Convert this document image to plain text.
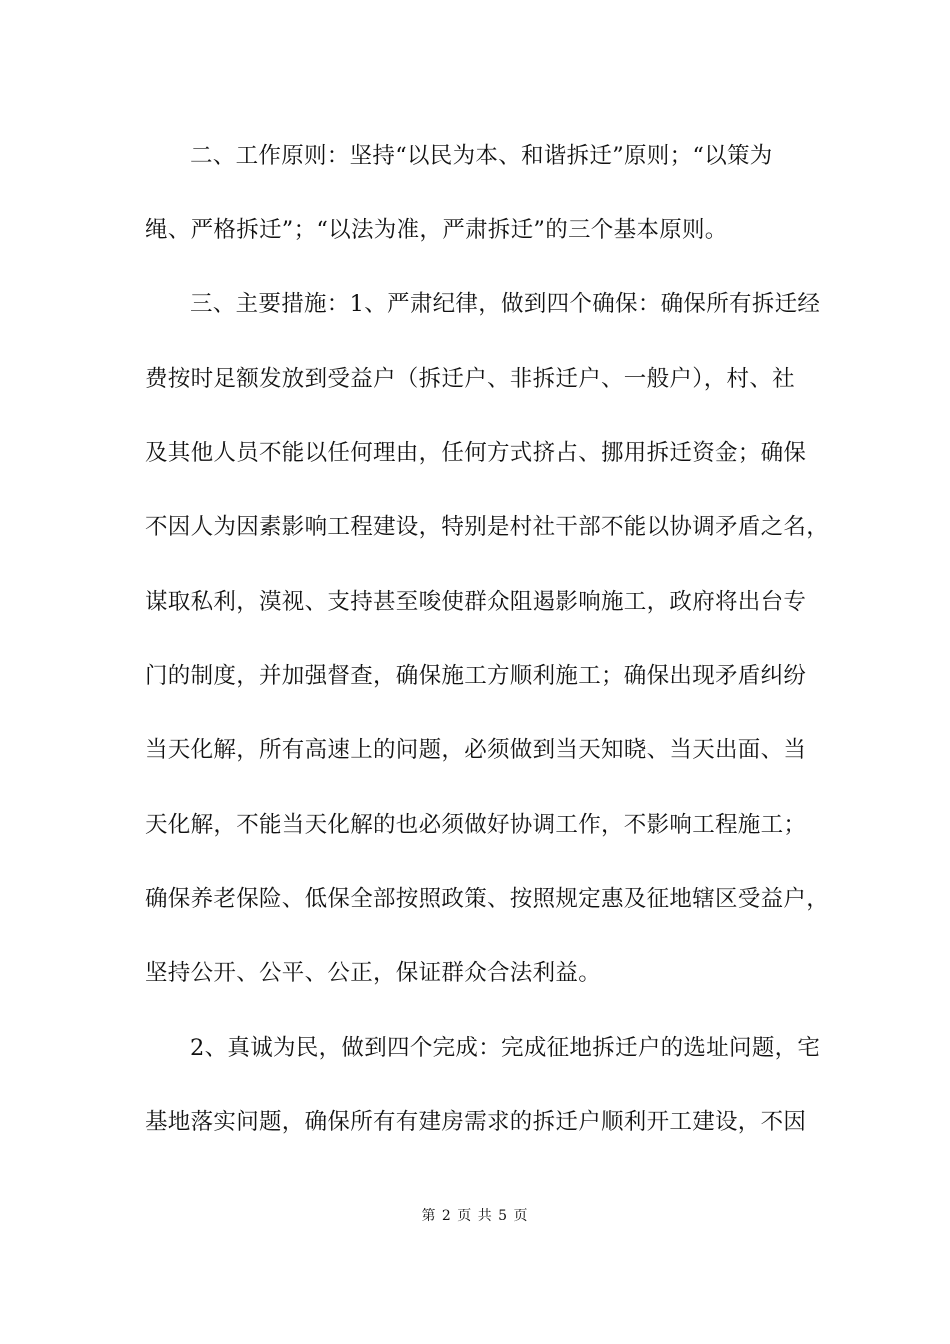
二、工作原则：坚持“以民为本、和谐拆迁”原则；“以策为
绳、严格拆迁”；“以法为准，严肃拆迁”的三个基本原则。
三、主要措施：1、严肃纪律，做到四个确保：确保所有拆迁经
费按时足额发放到受益户（拆迁户、非拆迁户、一般户），村、社
及其他人员不能以任何理由，任何方式挤占、挪用拆迁资金；确保
不因人为因素影响工程建设，特别是村社干部不能以协调矛盾之名，
谋取私利，漠视、支持甚至唆使群众阻遏影响施工，政府将出台专
门的制度，并加强督查，确保施工方顺利施工；确保出现矛盾纠纷
当天化解，所有高速上的问题，必须做到当天知晓、当天出面、当
天化解，不能当天化解的也必须做好协调工作，不影响工程施工；
确保养老保险、低保全部按照政策、按照规定惠及征地辖区受益户，
坚持公开、公平、公正，保证群众合法利益。
2、真诚为民，做到四个完成：完成征地拆迁户的选址问题，宅
基地落实问题，确保所有有建房需求的拆迁户顺利开工建设，不因
第 2 页 共 5 页
